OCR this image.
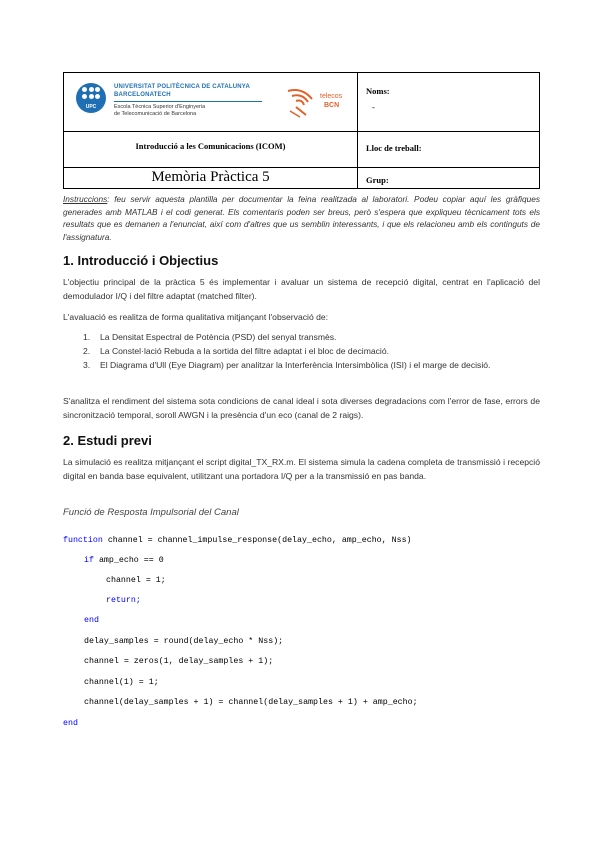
UPC
UNIVERSITAT POLITÈCNICA DE CATALUNYA
BARCELONATECH
Escola Tècnica Superior d'Enginyeria
de Telecomunicació de Barcelona
telecos
BCN
Introducció a les Comunicacions (ICOM)
Memòria Pràctica 5
Noms:
-
Lloc de treball:
Grup:
Instruccions: feu servir aquesta plantilla per documentar la feina realitzada al laboratori. Podeu copiar aquí les gràfiques generades amb MATLAB i el codi generat. Els comentaris poden ser breus, però s'espera que expliqueu tècnicament tots els resultats que es demanen a l'enunciat, així com d'altres que us semblin interessants, i que els relacioneu amb els continguts de l'assignatura.
1. Introducció i Objectius
L'objectiu principal de la pràctica 5 és implementar i avaluar un sistema de recepció digital, centrat en l'aplicació del demodulador I/Q i del filtre adaptat (matched filter).
L'avaluació es realitza de forma qualitativa mitjançant l'observació de:
1. La Densitat Espectral de Potència (PSD) del senyal transmès.
2. La Constel·lació Rebuda a la sortida del filtre adaptat i el bloc de decimació.
3. El Diagrama d'Ull (Eye Diagram) per analitzar la Interferència Intersimbòlica (ISI) i el marge de decisió.
S'analitza el rendiment del sistema sota condicions de canal ideal i sota diverses degradacions com l'error de fase, errors de sincronització temporal, soroll AWGN i la presència d'un eco (canal de 2 raigs).
2. Estudi previ
La simulació es realitza mitjançant el script digital_TX_RX.m. El sistema simula la cadena completa de transmissió i recepció digital en banda base equivalent, utilitzant una portadora I/Q per a la transmissió en pas banda.
Funció de Resposta Impulsorial del Canal
function channel = channel_impulse_response(delay_echo, amp_echo, Nss)
if amp_echo == 0
channel = 1;
return;
end
delay_samples = round(delay_echo * Nss);
channel = zeros(1, delay_samples + 1);
channel(1) = 1;
channel(delay_samples + 1) = channel(delay_samples + 1) + amp_echo;
end
